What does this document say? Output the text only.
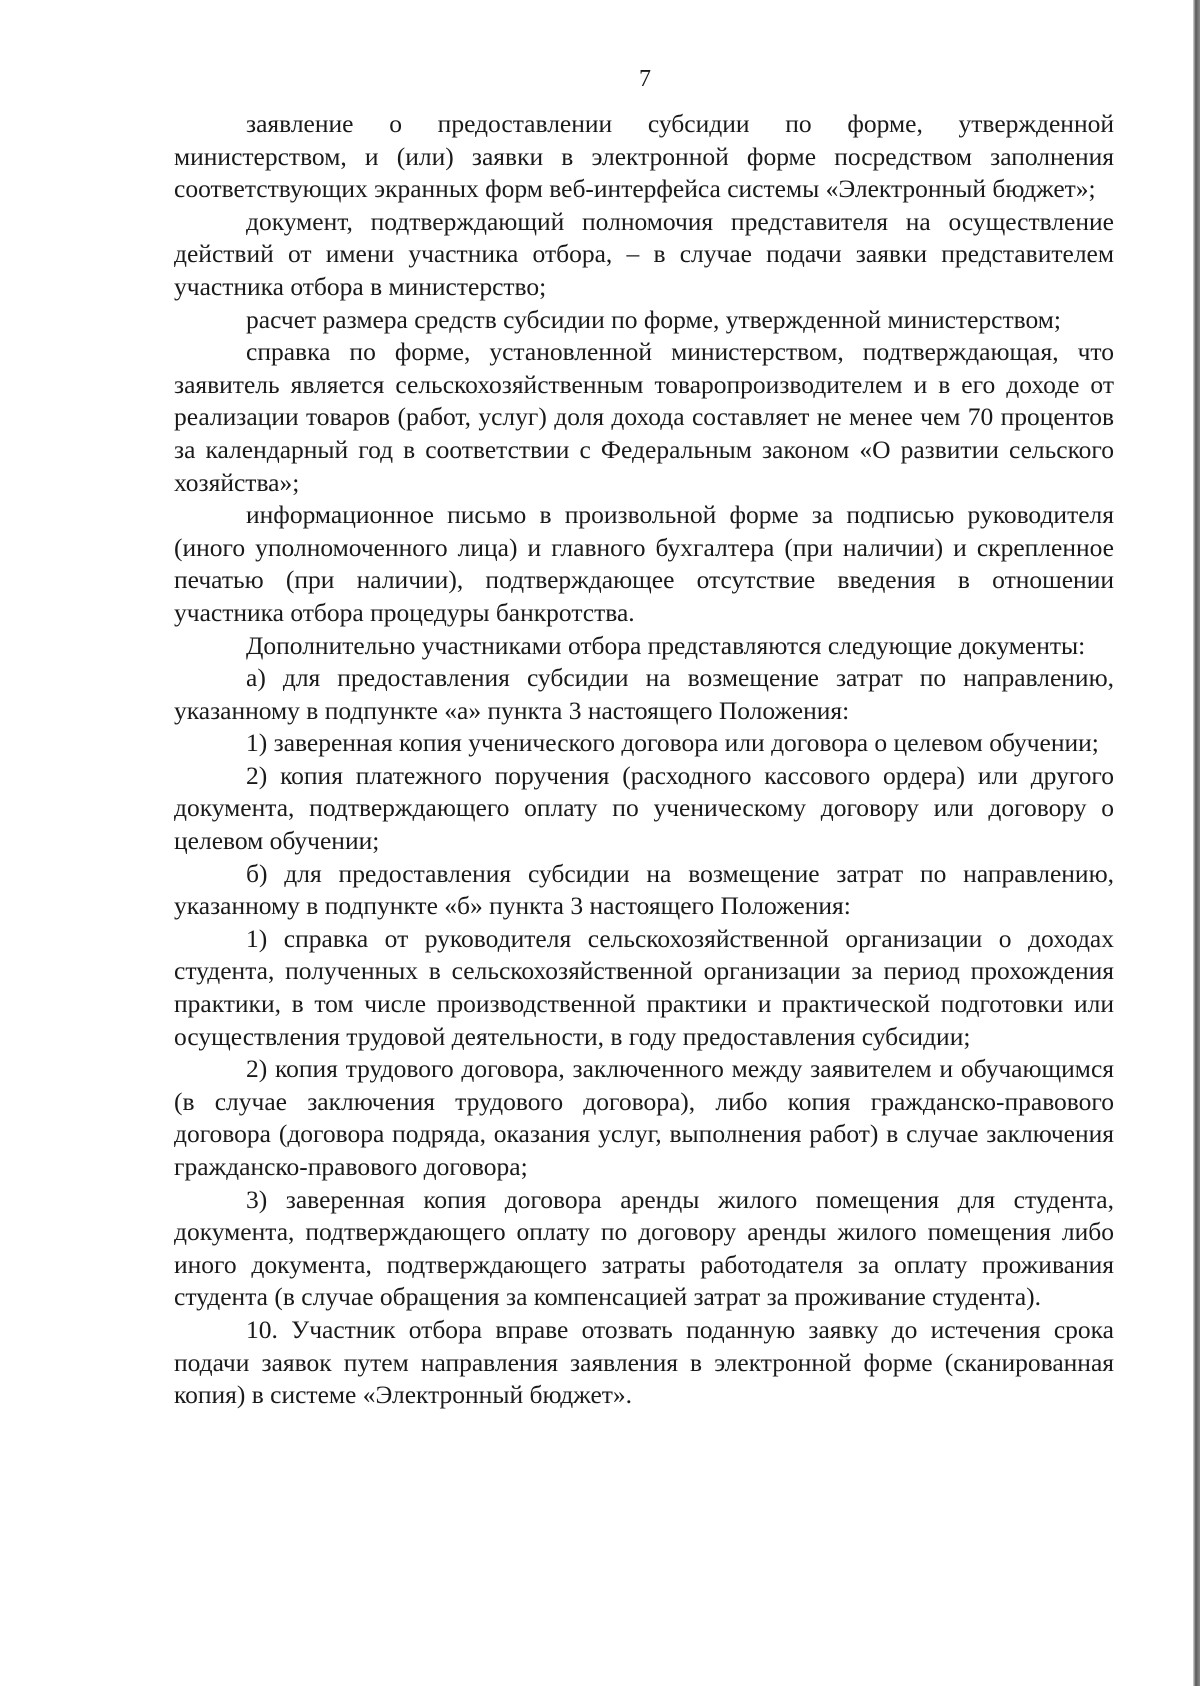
7

заявление о предоставлении субсидии по форме, утвержденной министерством, и (или) заявки в электронной форме посредством заполнения соответствующих экранных форм веб-интерфейса системы «Электронный бюджет»;

документ, подтверждающий полномочия представителя на осуществление действий от имени участника отбора, – в случае подачи заявки представителем участника отбора в министерство;

расчет размера средств субсидии по форме, утвержденной министерством;

справка по форме, установленной министерством, подтверждающая, что заявитель является сельскохозяйственным товаропроизводителем и в его доходе от реализации товаров (работ, услуг) доля дохода составляет не менее чем 70 процентов за календарный год в соответствии с Федеральным законом «О развитии сельского хозяйства»;

информационное письмо в произвольной форме за подписью руководителя (иного уполномоченного лица) и главного бухгалтера (при наличии) и скрепленное печатью (при наличии), подтверждающее отсутствие введения в отношении участника отбора процедуры банкротства.

Дополнительно участниками отбора представляются следующие документы:

а) для предоставления субсидии на возмещение затрат по направлению, указанному в подпункте «а» пункта 3 настоящего Положения:

1) заверенная копия ученического договора или договора о целевом обучении;

2) копия платежного поручения (расходного кассового ордера) или другого документа, подтверждающего оплату по ученическому договору или договору о целевом обучении;

б) для предоставления субсидии на возмещение затрат по направлению, указанному в подпункте «б» пункта 3 настоящего Положения:

1) справка от руководителя сельскохозяйственной организации о доходах студента, полученных в сельскохозяйственной организации за период прохождения практики, в том числе производственной практики и практической подготовки или осуществления трудовой деятельности, в году предоставления субсидии;

2) копия трудового договора, заключенного между заявителем и обучающимся (в случае заключения трудового договора), либо копия гражданско-правового договора (договора подряда, оказания услуг, выполнения работ) в случае заключения гражданско-правового договора;

3) заверенная копия договора аренды жилого помещения для студента, документа, подтверждающего оплату по договору аренды жилого помещения либо иного документа, подтверждающего затраты работодателя за оплату проживания студента (в случае обращения за компенсацией затрат за проживание студента).

10. Участник отбора вправе отозвать поданную заявку до истечения срока подачи заявок путем направления заявления в электронной форме (сканированная копия) в системе «Электронный бюджет».
